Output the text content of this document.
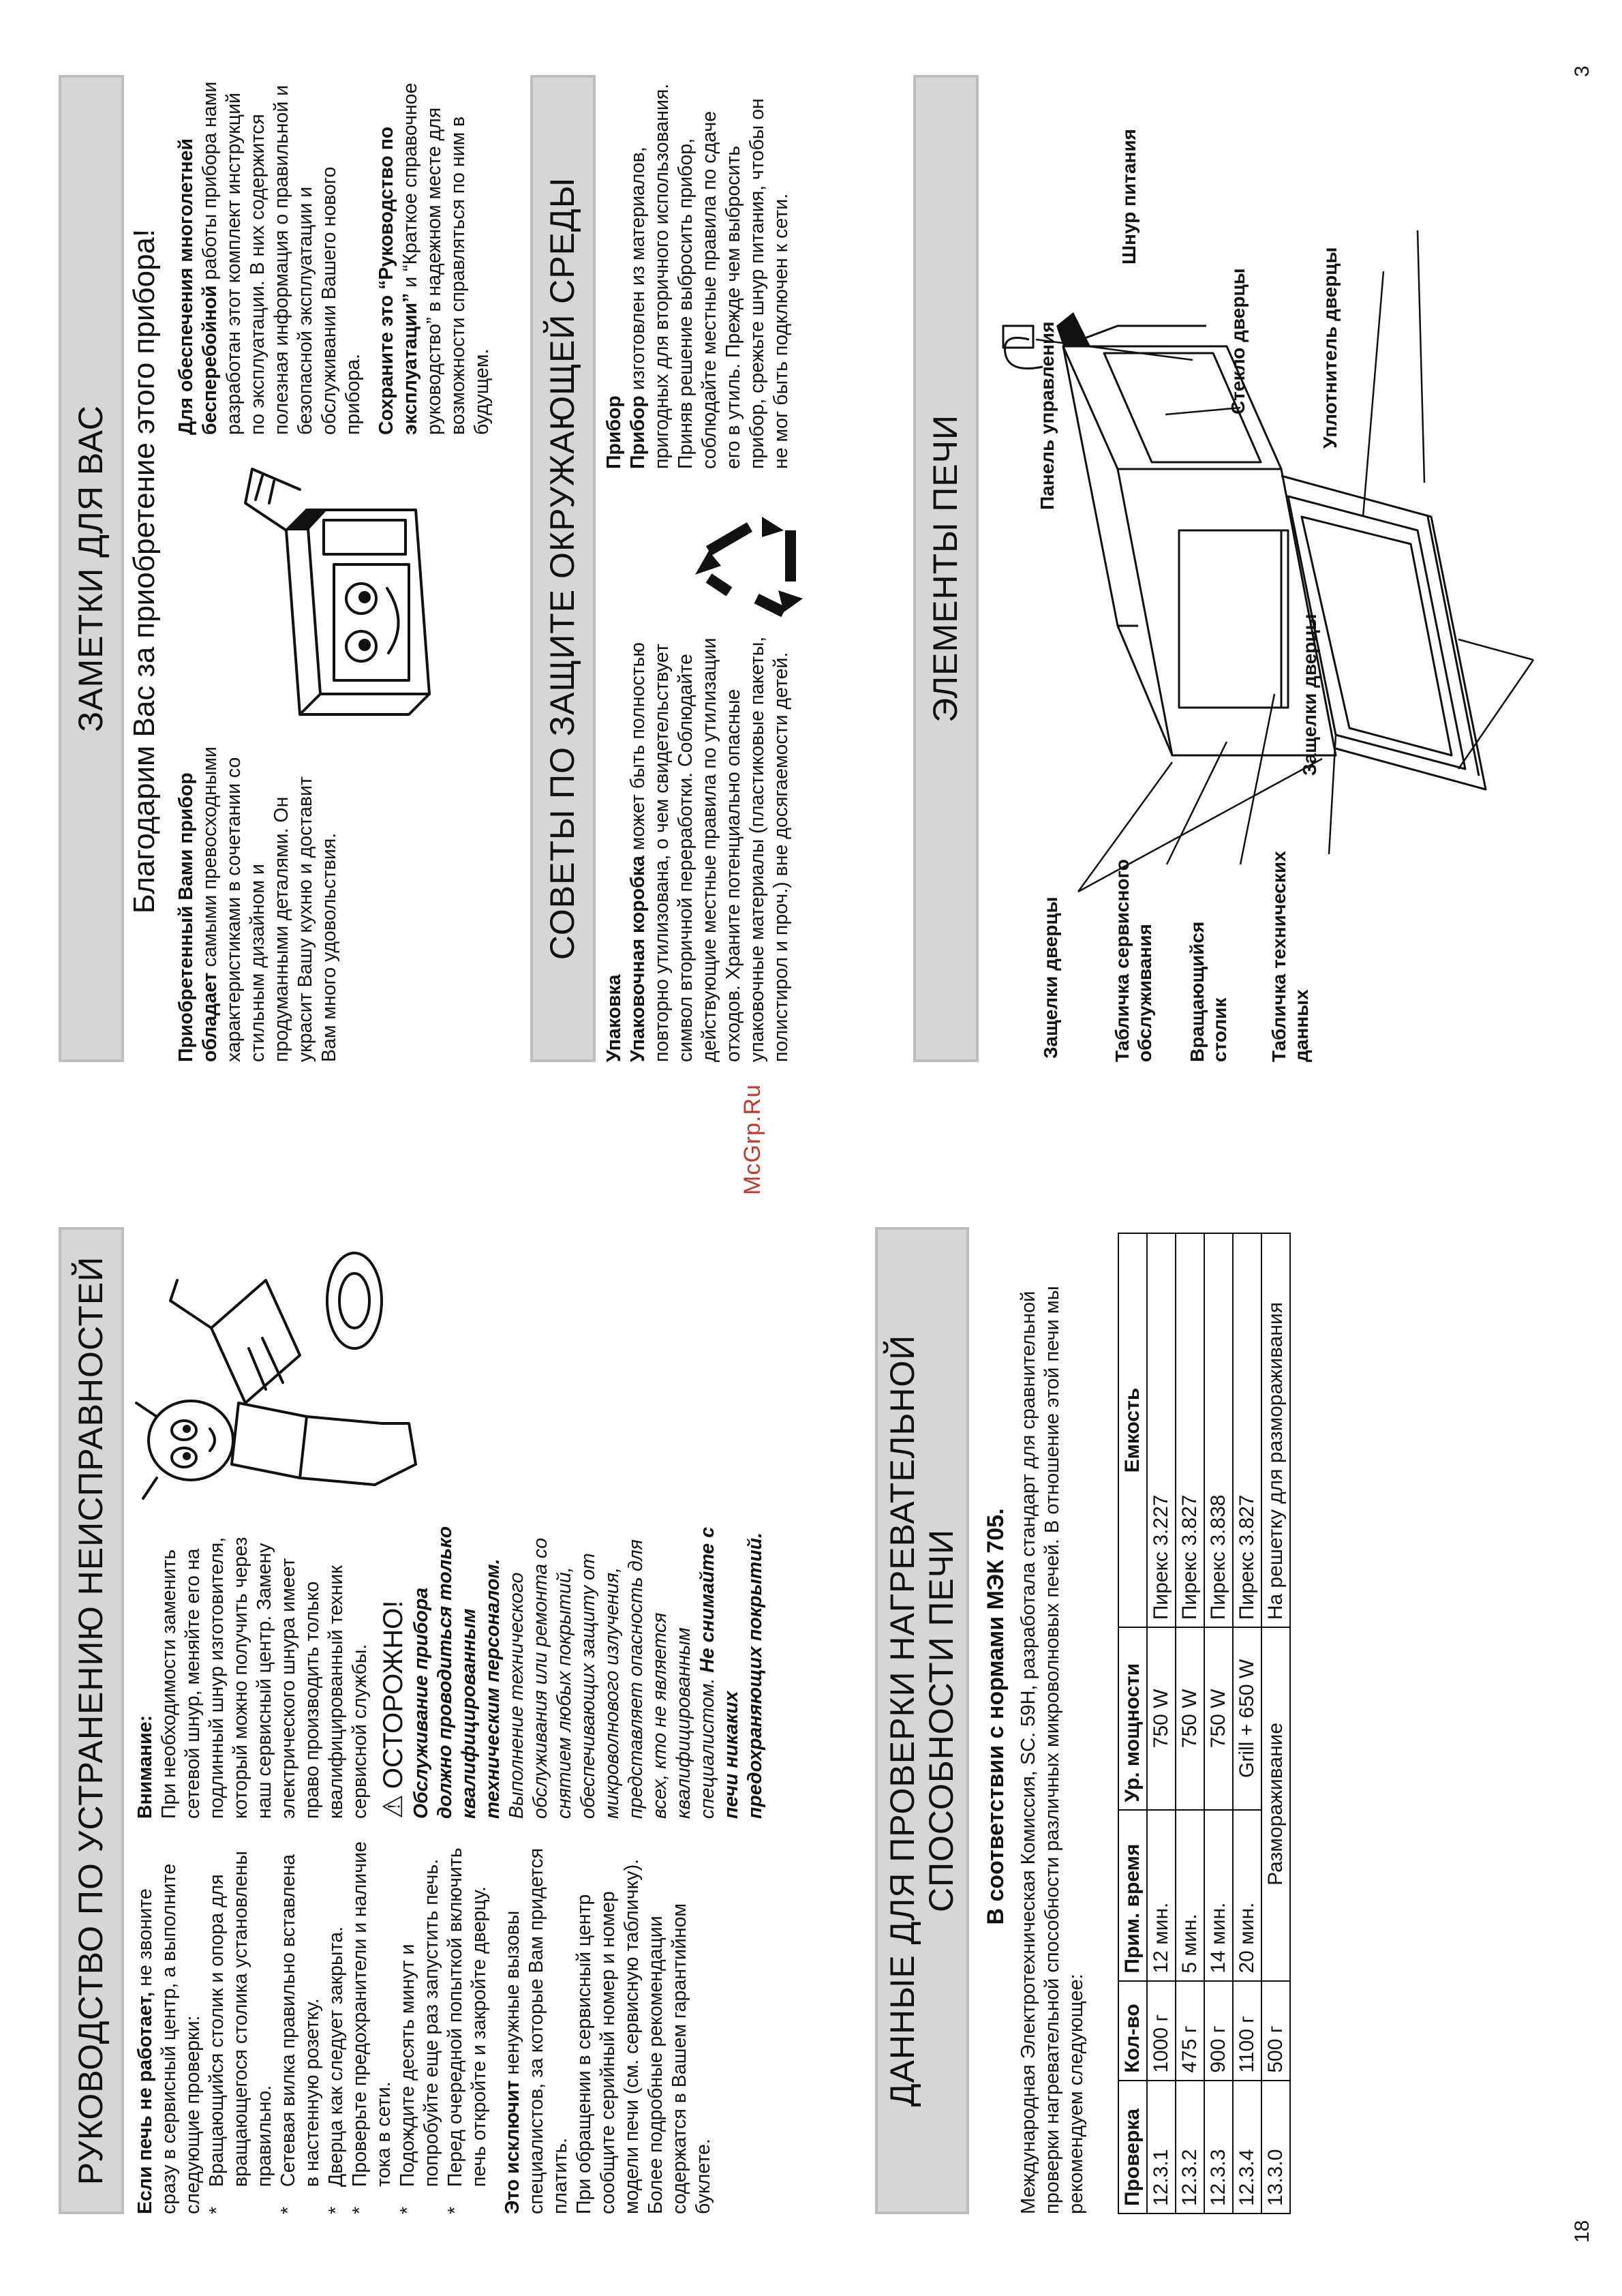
18
3
McGrp.Ru
РУКОВОДСТВО ПО УСТРАНЕНИЮ НЕИСПРАВНОСТЕЙ	Если печь не работает, не звоните сразу в сервисный центр, а выполните следующие проверки: * Вращающийся столик и опора для вращающегося столика установлены правильно. * Сетевая вилка правильно вставлена в настенную розетку. * Дверца как следует закрыта. * Проверьте предохранители и наличие тока в сети. * Подождите десять минут и попробуйте еще раз запустить печь. * Перед очередной попыткой включить печь откройте и закройте дверцу. Это исключит ненужные вызовы специалистов, за которые Вам придется платить. При обращении в сервисный центр сообщите серийный номер и номер модели печи (см. сервисную табличку). Более подробные рекомендации содержатся в Вашем гарантийном буклете.

Внимание: При необходимости заменить сетевой шнур, меняйте его на подлинный шнур изготовителя, который можно получить через наш сервисный центр. Замену электрического шнура имеет право производить только квалифицированный техник сервисной службы. ⚠ОСТОРОЖНО! Обслуживание прибора должно проводиться только квалифицированным техническим персоналом. Выполнение технического обслуживания или ремонта со снятием любых покрытий, обеспечивающих защиту от микроволнового излучения, представляет опасность для всех, кто не является квалифицированным специалистом. Не снимайте с печи никаких предохраняющих покрытий.	ДАННЫЕ ДЛЯ ПРОВЕРКИ НАГРЕВАТЕЛЬНОЙ СПОСОБНОСТИ ПЕЧИ В соответствии с нормами МЭК 705. Международная Электротехническая Комиссия, SC. 59H, разработала стандарт для сравнительной проверки нагревательной способности различных микроволновых печей. В отношение этой печи мы рекомендуем следующее: Проверка	Кол-во	Прим. время	Ур. мощности	Емкость
12.3.1	1000 г	12 мин.	750 W	Пирекс 3.227
12.3.2	475 г	5 мин.	750 W	Пирекс 3.827
12.3.3	900 г	14 мин.	750 W	Пирекс 3.838
12.3.4	1100 г	20 мин.	Grill + 650 W	Пирекс 3.827
13.3.0	500 г	Размораживание		На решетку для размораживания
ЗАМЕТКИ ДЛЯ ВАС Благодарим Вас за приобретение этого прибора!

Приобретенный Вами прибор обладает самыми превосходными характеристиками в сочетании со стильным дизайном и продуманными деталями. Он украсит Вашу кухню и доставит Вам много удовольствия.

Для обеспечения многолетней бесперебойной работы прибора нами разработан этот комплект инструкций по эксплуатации. В них содержится полезная информация о правильной и безопасной эксплуатации и обслуживании Вашего нового прибора. Сохраните это “Руководство по эксплуатации” и “Краткое справочное руководство” в надежном месте для возможности справляться по ним в будущем.	СОВЕТЫ ПО ЗАЩИТЕ ОКРУЖАЮЩЕЙ СРЕДЫ

Упаковка Упаковочная коробка может быть полностью повторно утилизована, о чем свидетельствует символ вторичной переработки. Соблюдайте действующие местные правила по утилизации отходов. Храните потенциально опасные упаковочные материалы (пластиковые пакеты, полистирол и проч.) вне досягаемости детей.

Прибор Прибор изготовлен из материалов, пригодных для вторичного использования. Приняв решение выбросить прибор, соблюдайте местные правила по сдаче его в утиль. Прежде чем выбросить прибор, срежьте шнур питания, чтобы он не мог быть подключен к сети.

ЭЛЕМЕНТЫ ПЕЧИ
Защелки дверцы	Табличка сервисного обслуживания Вращающийся столик Табличка технических данных
Защелки дверцы
Панель управления
Шнур питания
Стекло дверцы	Уплотнитель дверцы
